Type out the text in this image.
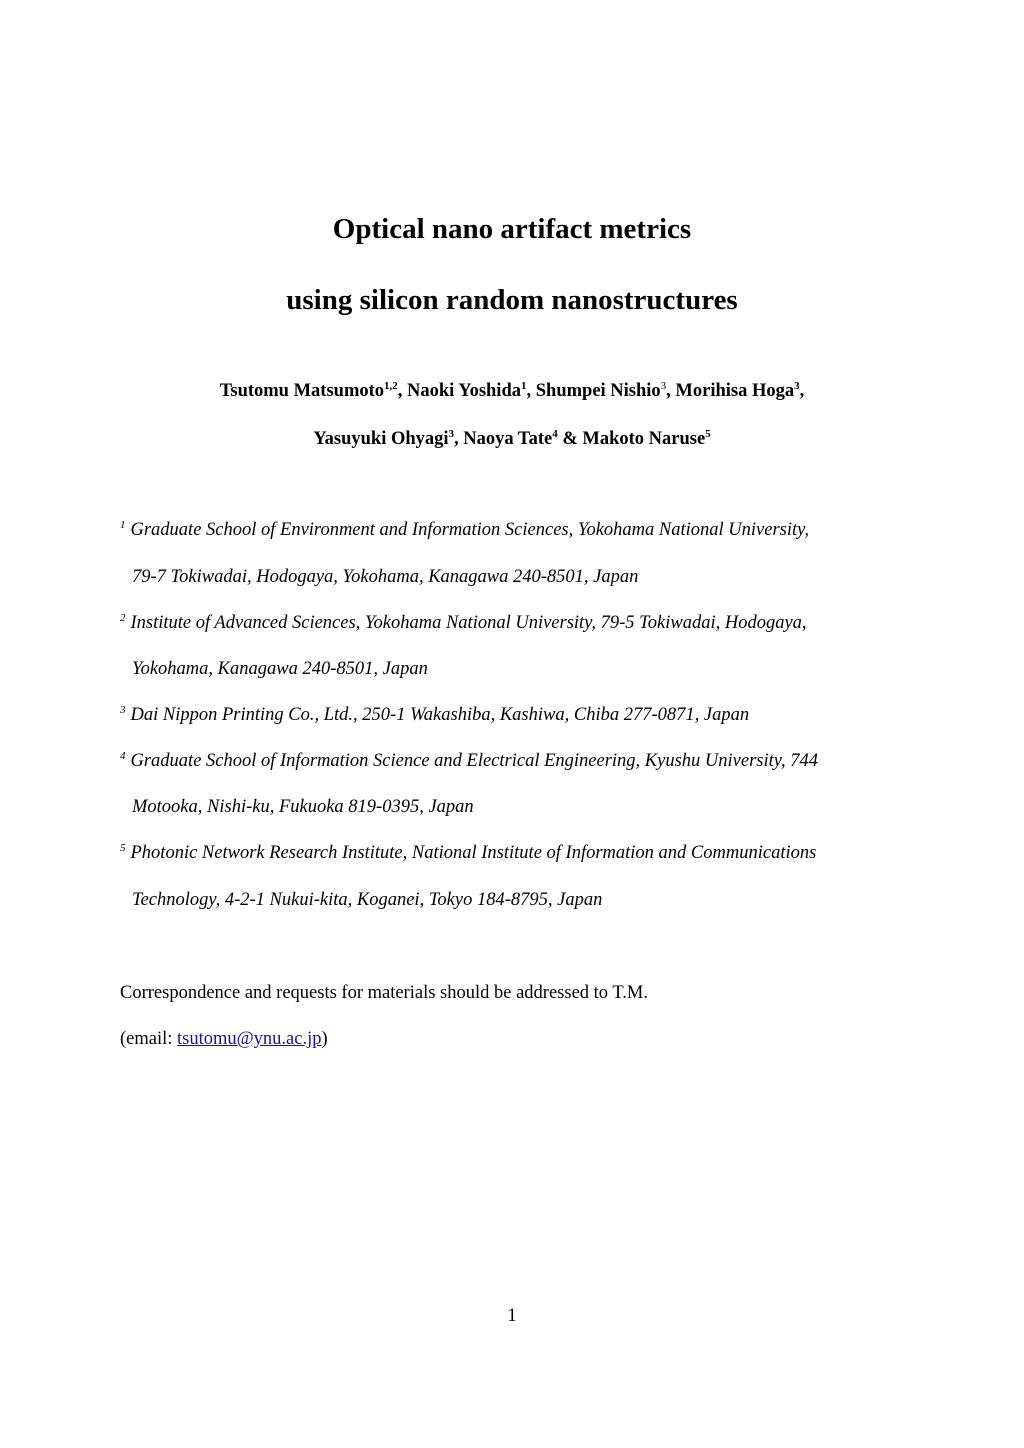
Optical nano artifact metrics
using silicon random nanostructures
Tsutomu Matsumoto$^{1,2}$, Naoki Yoshida$^1$, Shumpei Nishio$^3$, Morihisa Hoga$^3$,
Yasuyuki Ohyagi$^3$, Naoya Tate$^4$ & Makoto Naruse$^5$
$^1$ Graduate School of Environment and Information Sciences, Yokohama National University,
79-7 Tokiwadai, Hodogaya, Yokohama, Kanagawa 240-8501, Japan
$^2$ Institute of Advanced Sciences, Yokohama National University, 79-5 Tokiwadai, Hodogaya,
Yokohama, Kanagawa 240-8501, Japan
$^3$ Dai Nippon Printing Co., Ltd., 250-1 Wakashiba, Kashiwa, Chiba 277-0871, Japan
$^4$ Graduate School of Information Science and Electrical Engineering, Kyushu University, 744
Motooka, Nishi-ku, Fukuoka 819-0395, Japan
$^5$ Photonic Network Research Institute, National Institute of Information and Communications
Technology, 4-2-1 Nukui-kita, Koganei, Tokyo 184-8795, Japan
Correspondence and requests for materials should be addressed to T.M.
(email: tsutomu@ynu.ac.jp)
1
